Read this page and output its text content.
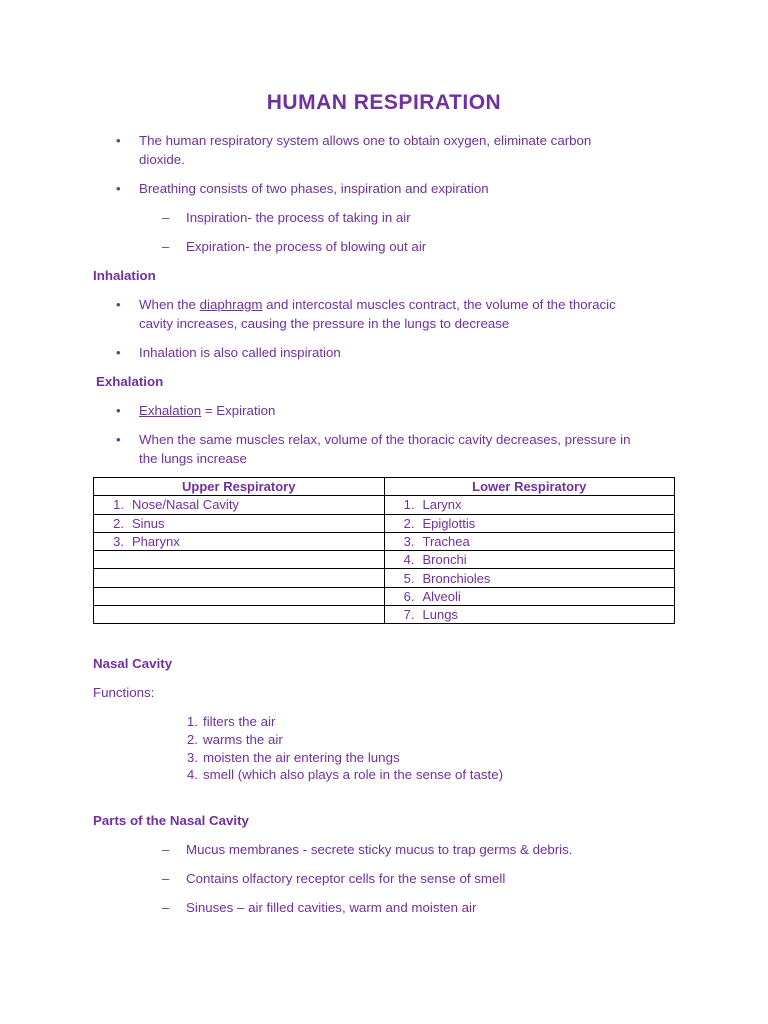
HUMAN RESPIRATION
• The human respiratory system allows one to obtain oxygen, eliminate carbon
dioxide.
• Breathing consists of two phases, inspiration and expiration
– Inspiration- the process of taking in air
– Expiration- the process of blowing out air
Inhalation
• When the diaphragm and intercostal muscles contract, the volume of the thoracic
cavity increases, causing the pressure in the lungs to decrease
• Inhalation is also called inspiration
Exhalation
• Exhalation = Expiration
• When the same muscles relax, volume of the thoracic cavity decreases, pressure in
the lungs increase
Upper Respiratory	Lower Respiratory
1. Nose/Nasal Cavity	1. Larynx
2. Sinus	2. Epiglottis
3. Pharynx	3. Trachea
	4. Bronchi
	5. Bronchioles
	6. Alveoli
	7. Lungs
Nasal Cavity
Functions:
1. filters the air
2. warms the air
3. moisten the air entering the lungs
4. smell (which also plays a role in the sense of taste)
Parts of the Nasal Cavity
– Mucus membranes - secrete sticky mucus to trap germs & debris.
– Contains olfactory receptor cells for the sense of smell
– Sinuses – air filled cavities, warm and moisten air
